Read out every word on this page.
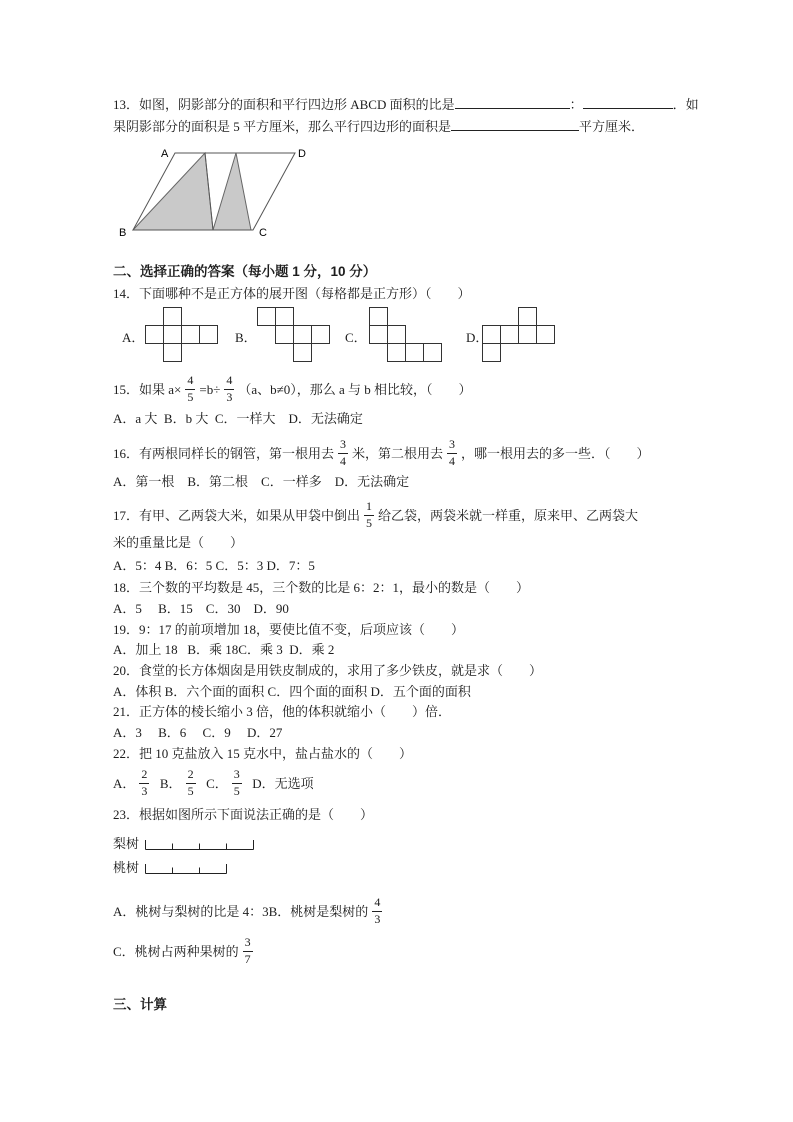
13．如图，阴影部分的面积和平行四边形 ABCD 面积的比是	：	．如
果阴影部分的面积是 5 平方厘米，那么平行四边形的面积是	平方厘米．
A
B	C
D
二、选择正确的答案（每小题 1 分，10 分）
14．下面哪种不是正方体的展开图（每格都是正方形）（　　）

A．

	B．

	C．

	D．

15．如果 $a\times \frac{4}{5} =b\div \frac{4}{3} (a$、b≠0），那么 a 与 b 相比较，（　　）
A．a 大  B．b 大  C．一样大    D．无法确定
16．有两根同样长的钢管，第一根用去 $\frac{3}{4}$ 米，第二根用去 $\frac{3}{4}$ ，哪一根用去的多一些．（　　）
A．第一根    B．第二根    C．一样多    D．无法确定
17．有甲、乙两袋大米，如果从甲袋中倒出 $\frac{1}{5}$ 给乙袋，两袋米就一样重，原来甲、乙两袋大
米的重量比是（　　）
A．5：4 B．6：5 C．5：3 D．7：5
18．三个数的平均数是 45，三个数的比是 6：2：1，最小的数是（　　）
A．5     B．15    C．30    D．90
19．9：17 的前项增加 18，要使比值不变，后项应该（　　）
A．加上 18   B．乘 18C．乘 3  D．乘 2
20．食堂的长方体烟囱是用铁皮制成的，求用了多少铁皮，就是求（　　）
A．体积 B．六个面的面积 C．四个面的面积 D．五个面的面积
21．正方体的棱长缩小 3 倍，他的体积就缩小（　　）倍．
A．3     B．6     C．9     D．27
22．把 10 克盐放入 15 克水中，盐占盐水的（　　）
A． $\frac{2}{3}$ B． $\frac{2}{5}$ C． $\frac{3}{5}$ D．无选项
23．根据如图所示下面说法正确的是（　　）
梨树
桃树
A．桃树与梨树的比是 4：3B．桃树是梨树的 $\frac{4}{3}$
C．桃树占两种果树的 $\frac{3}{7}$
三、计算
